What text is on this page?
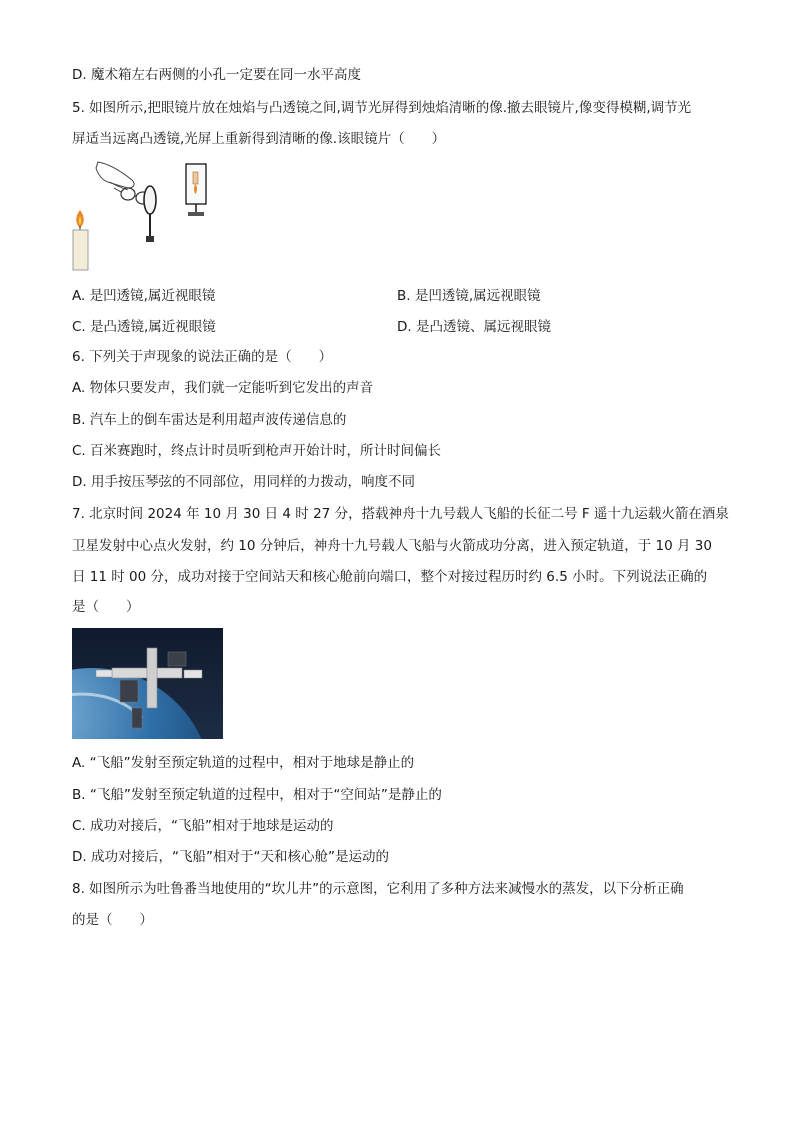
D. 魔术箱左右两侧的小孔一定要在同一水平高度
5. 如图所示,把眼镜片放在烛焰与凸透镜之间,调节光屏得到烛焰清晰的像.撤去眼镜片,像变得模糊,调节光
屏适当远离凸透镜,光屏上重新得到清晰的像.该眼镜片（　　）
A. 是凹透镜,属近视眼镜	B. 是凹透镜,属远视眼镜
C. 是凸透镜,属近视眼镜	D. 是凸透镜、属远视眼镜
6. 下列关于声现象的说法正确的是（　　）
A. 物体只要发声，我们就一定能听到它发出的声音
B. 汽车上的倒车雷达是利用超声波传递信息的
C. 百米赛跑时，终点计时员听到枪声开始计时，所计时间偏长
D. 用手按压琴弦的不同部位，用同样的力拨动，响度不同
7. 北京时间 2024 年 10 月 30 日 4 时 27 分，搭载神舟十九号载人飞船的长征二号 F 遥十九运载火箭在酒泉
卫星发射中心点火发射，约 10 分钟后，神舟十九号载人飞船与火箭成功分离，进入预定轨道，于 10 月 30
日 11 时 00 分，成功对接于空间站天和核心舱前向端口，整个对接过程历时约 6.5 小时。下列说法正确的
是（　　）
A. “飞船”发射至预定轨道的过程中，相对于地球是静止的
B. “飞船”发射至预定轨道的过程中，相对于“空间站”是静止的
C. 成功对接后，“飞船”相对于地球是运动的
D. 成功对接后，“飞船”相对于“天和核心舱”是运动的
8. 如图所示为吐鲁番当地使用的“坎儿井”的示意图，它利用了多种方法来减慢水的蒸发，以下分析正确
的是（　　）
